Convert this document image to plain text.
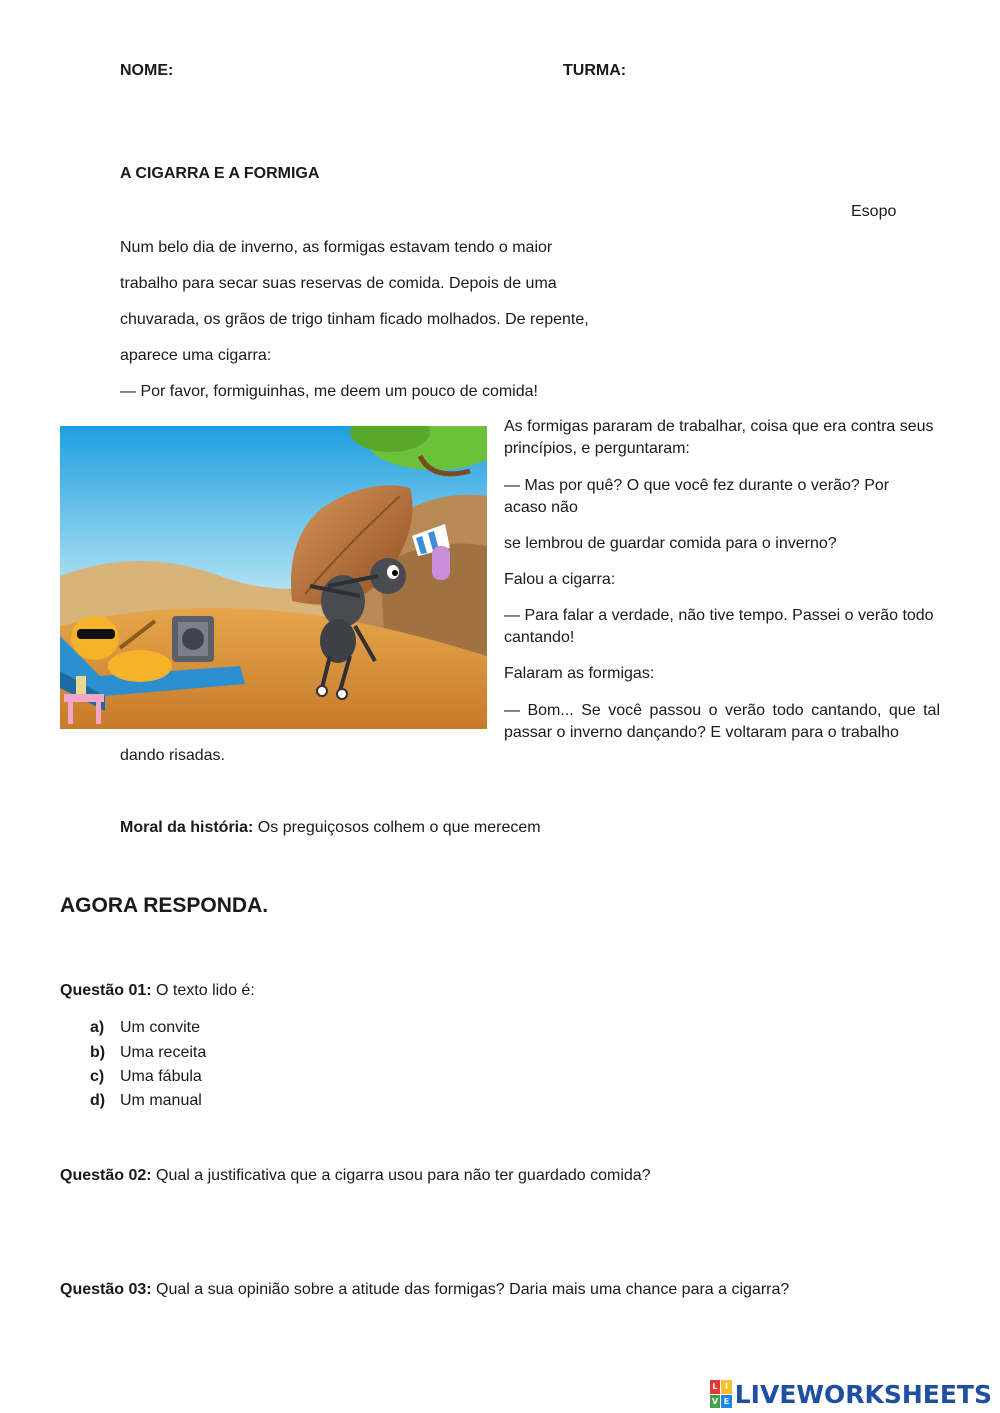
NOME:	TURMA:
A CIGARRA E A FORMIGA
Esopo
Num belo dia de inverno, as formigas estavam tendo o maior
trabalho para secar suas reservas de comida. Depois de uma
chuvarada, os grãos de trigo tinham ficado molhados. De repente,
aparece uma cigarra:
— Por favor, formiguinhas, me deem um pouco de comida!
As formigas pararam de trabalhar, coisa que era contra seus princípios, e perguntaram:
— Mas por quê? O que você fez durante o verão? Por acaso não
se lembrou de guardar comida para o inverno?
Falou a cigarra:
— Para falar a verdade, não tive tempo. Passei o verão todo cantando!
Falaram as formigas:
— Bom... Se você passou o verão todo cantando, que tal passar o inverno dançando? E voltaram para o trabalho
dando risadas.
Moral da história: Os preguiçosos colhem o que merecem
AGORA RESPONDA.
Questão 01: O texto lido é:
a) Um convite
b) Uma receita
c) Uma fábula
d) Um manual
Questão 02: Qual a justificativa que a cigarra usou para não ter guardado comida?
Questão 03: Qual a sua opinião sobre a atitude das formigas? Daria mais uma chance para a cigarra?
L I
V E LIVEWORKSHEETS
